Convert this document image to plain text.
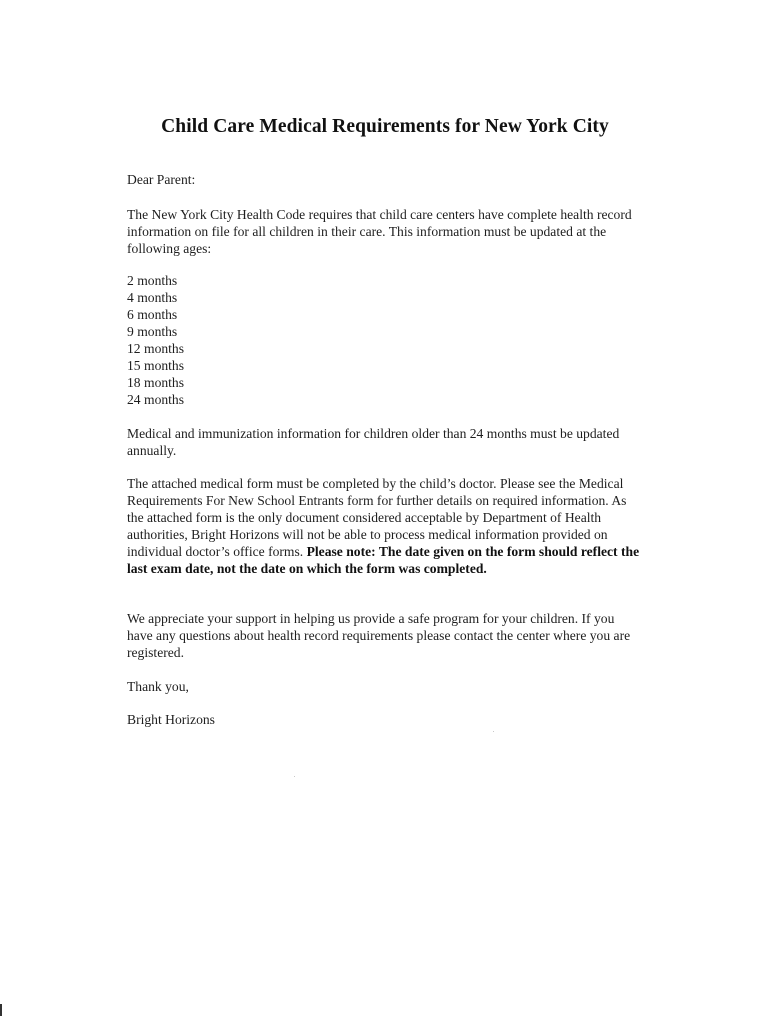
Child Care Medical Requirements for New York City

Dear Parent:

The New York City Health Code requires that child care centers have complete health record information on file for all children in their care. This information must be updated at the following ages:

2 months
4 months
6 months
9 months
12 months
15 months
18 months
24 months

Medical and immunization information for children older than 24 months must be updated annually.

The attached medical form must be completed by the child’s doctor. Please see the Medical Requirements For New School Entrants form for further details on required information. As the attached form is the only document considered acceptable by Department of Health authorities, Bright Horizons will not be able to process medical information provided on individual doctor’s office forms. Please note: The date given on the form should reflect the last exam date, not the date on which the form was completed.

We appreciate your support in helping us provide a safe program for your children. If you have any questions about health record requirements please contact the center where you are registered.

Thank you,

Bright Horizons
